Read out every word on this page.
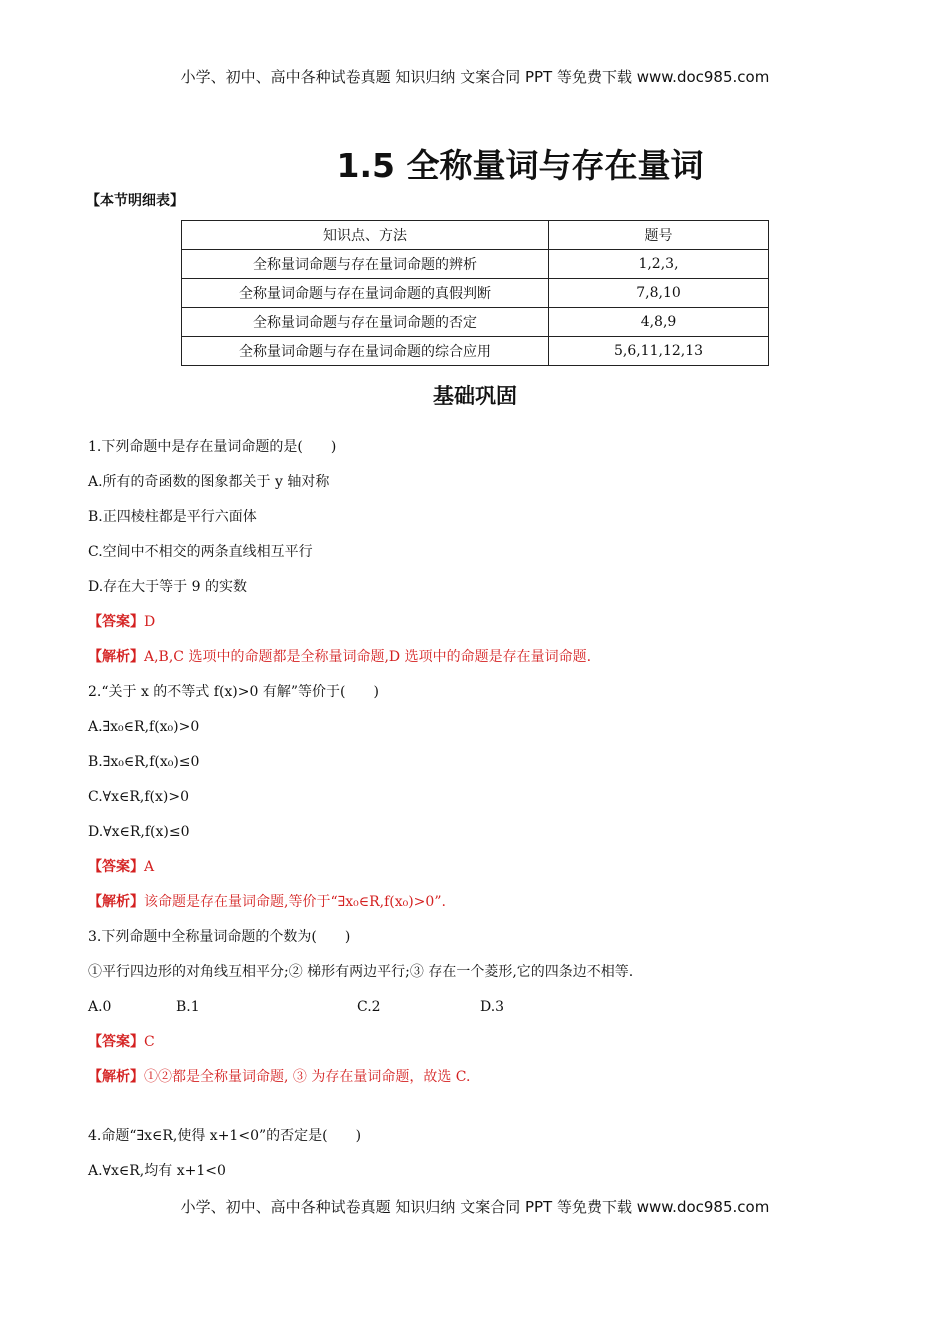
小学、初中、高中各种试卷真题 知识归纳 文案合同 PPT 等免费下载 www.doc985.com
1.5 全称量词与存在量词
【本节明细表】
知识点、方法	题号
全称量词命题与存在量词命题的辨析	1,2,3,
全称量词命题与存在量词命题的真假判断	7,8,10
全称量词命题与存在量词命题的否定	4,8,9
全称量词命题与存在量词命题的综合应用	5,6,11,12,13
基础巩固
1.下列命题中是存在量词命题的是(　　)
A.所有的奇函数的图象都关于 y 轴对称
B.正四棱柱都是平行六面体
C.空间中不相交的两条直线相互平行
D.存在大于等于 9 的实数
【答案】D
【解析】A,B,C 选项中的命题都是全称量词命题,D 选项中的命题是存在量词命题.
2.“关于 x 的不等式 f(x)>0 有解”等价于(　　)
A.∃x₀∈R,f(x₀)>0
B.∃x₀∈R,f(x₀)≤0
C.∀x∈R,f(x)>0
D.∀x∈R,f(x)≤0
【答案】A
【解析】该命题是存在量词命题,等价于“∃x₀∈R,f(x₀)>0”.
3.下列命题中全称量词命题的个数为(　　)
①平行四边形的对角线互相平分;② 梯形有两边平行;③ 存在一个菱形,它的四条边不相等.
A.0	B.1	C.2	D.3
【答案】C
【解析】①②都是全称量词命题, ③ 为存在量词命题，故选 C.
4.命题“∃x∈R,使得 x+1<0”的否定是(　　)
A.∀x∈R,均有 x+1<0
小学、初中、高中各种试卷真题 知识归纳 文案合同 PPT 等免费下载 www.doc985.com
